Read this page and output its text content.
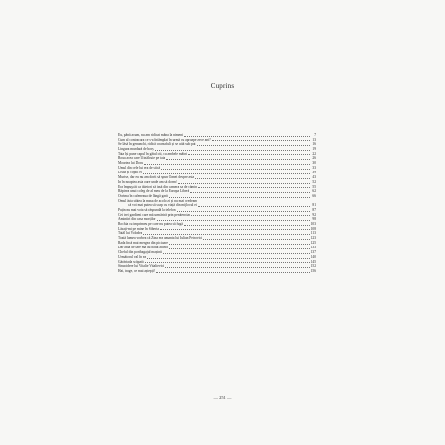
Cuprins
Eu, până acum, nu am ridicat mâna la nimeni	7
Cum al contracara ce s-a întâmplat în urmă cu aproape zece ani?	13
Se lăsă în genunchi, ridică coarsafuli și se uită sub pat	16
Lingura murdară de borș	19
Tata își pune capul în gâtul oii, cu ambele mâini	22
Roua acea care îl inălcuie pe tata	26
Moartea lui Doru	30
Umul din cele lui era de stică	33
Lisba și copiii ei	39
Murise, dar eu nu am dorit să spun Oanei despre asta	43
În în noaptea asta oare unde am să dorm?	52
Era împuşcăt ca tăietori să iasă din camera sa de cămin	55
Răpirea unui coleg de al meu de la Europa Liberă	62
Ocrima în cafeneaua de lângă gară	66
Omul ăsta stătea la masa de acolo zi și nu mai credeam
că voi mai putea să scap cu viață din mijlocul ei	81
Puțin nu mai voia să răspundă la telefon	87
Cei trei gardieni care mă urmăriră prin penitenciar	92
Amintiri din casa morților	98
Rochia cu imprimeu pe care nu putea să fugă	103
Lăsați-mi pe mine în Siberia	108
Tatăl lui Volodea	113
Toată lumea vorbea că Zina era amanta lui Iulian Petrovici	123
Rada încă mai mergea din picioare	125
Dar abia de tare mă au bătut atunci	133
Cheful din portbagajul mașinii	137
Următorul val în ea	140
Gărăriada scăpată	145
Sinucidere lui Vitalie Vitalievici	152
Hai, trage, ce mai aștepți?	156
— 251 —
